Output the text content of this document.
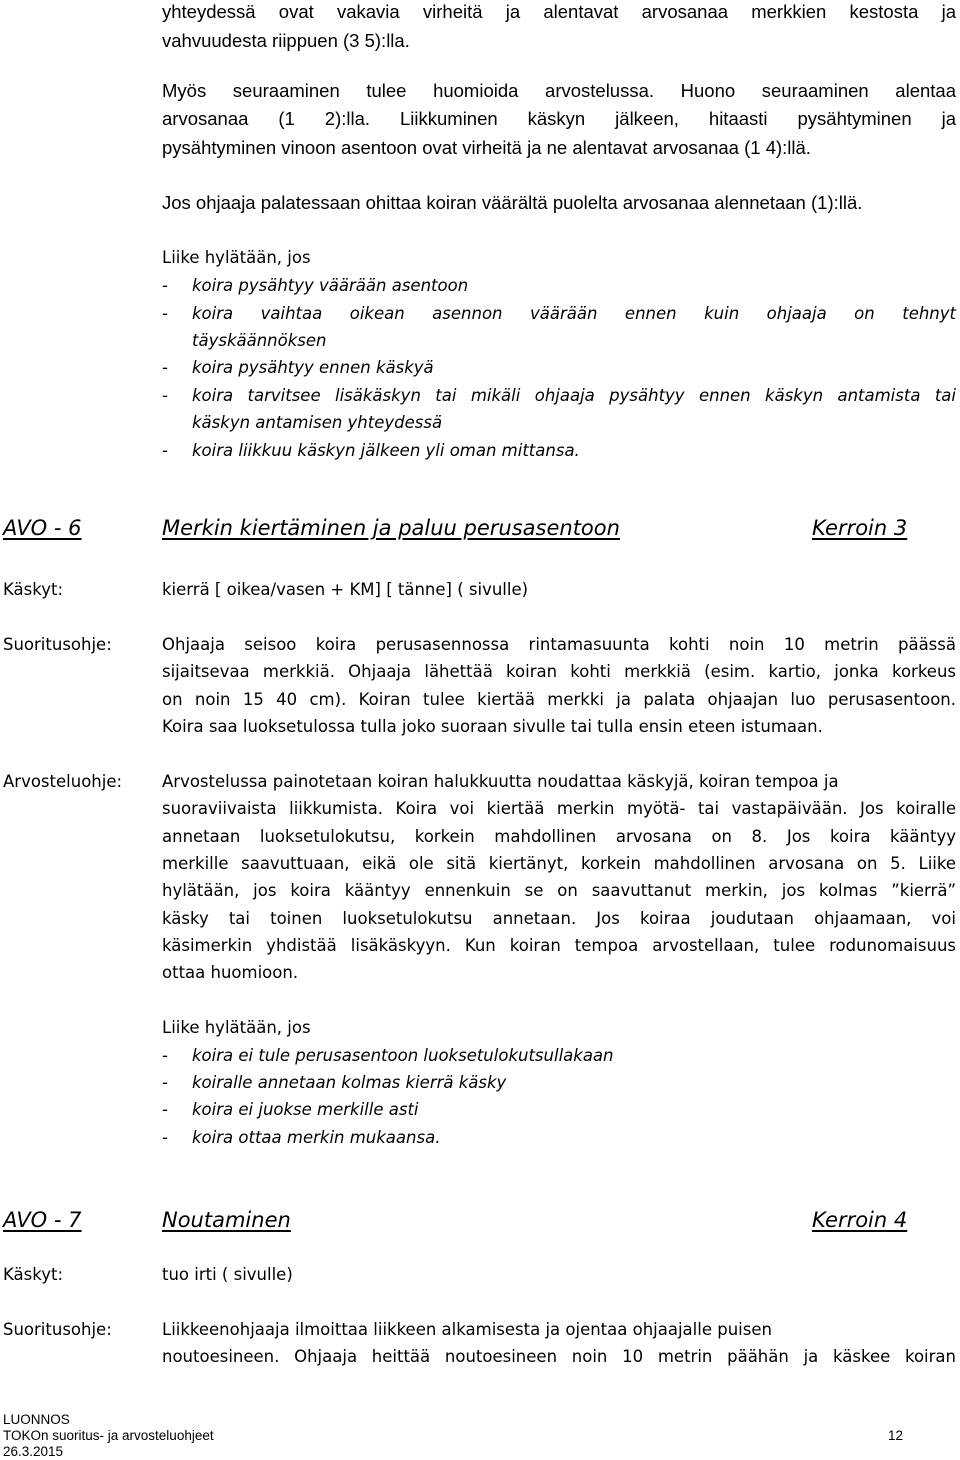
yhteydessä ovat vakavia virheitä ja alentavat arvosanaa merkkien kestosta ja
vahvuudesta riippuen (3 5):lla.
Myös seuraaminen tulee huomioida arvostelussa. Huono seuraaminen alentaa
arvosanaa (1 2):lla. Liikkuminen käskyn jälkeen, hitaasti pysähtyminen ja
pysähtyminen vinoon asentoon ovat virheitä ja ne alentavat arvosanaa (1 4):llä.
Jos ohjaaja palatessaan ohittaa koiran väärältä puolelta arvosanaa alennetaan (1):llä.
Liike hylätään, jos
- koira pysähtyy väärään asentoon
- koira vaihtaa oikean asennon väärään ennen kuin ohjaaja on tehnyt
täyskäännöksen
- koira pysähtyy ennen käskyä
- koira tarvitsee lisäkäskyn tai mikäli ohjaaja pysähtyy ennen käskyn antamista tai
käskyn antamisen yhteydessä
- koira liikkuu käskyn jälkeen yli oman mittansa.
AVO - 6	Merkin kiertäminen ja paluu perusasentoon	Kerroin 3
Käskyt:	kierrä [ oikea/vasen + KM] [ tänne] ( sivulle)
Suoritusohje:	Ohjaaja seisoo koira perusasennossa rintamasuunta kohti noin 10 metrin päässä
sijaitsevaa merkkiä. Ohjaaja lähettää koiran kohti merkkiä (esim. kartio, jonka korkeus
on noin 15 40 cm). Koiran tulee kiertää merkki ja palata ohjaajan luo perusasentoon.
Koira saa luoksetulossa tulla joko suoraan sivulle tai tulla ensin eteen istumaan.
Arvosteluohje: Arvostelussa painotetaan koiran halukkuutta noudattaa käskyjä, koiran tempoa ja
suoraviivaista liikkumista. Koira voi kiertää merkin myötä- tai vastapäivään. Jos koiralle
annetaan luoksetulokutsu, korkein mahdollinen arvosana on 8. Jos koira kääntyy
merkille saavuttuaan, eikä ole sitä kiertänyt, korkein mahdollinen arvosana on 5. Liike
hylätään, jos koira kääntyy ennenkuin se on saavuttanut merkin, jos kolmas ”kierrä”
käsky tai toinen luoksetulokutsu annetaan. Jos koiraa joudutaan ohjaamaan, voi
käsimerkin yhdistää lisäkäskyyn. Kun koiran tempoa arvostellaan, tulee rodunomaisuus
ottaa huomioon.
Liike hylätään, jos
- koira ei tule perusasentoon luoksetulokutsullakaan
- koiralle annetaan kolmas kierrä käsky
- koira ei juokse merkille asti
- koira ottaa merkin mukaansa.
AVO - 7	Noutaminen	Kerroin 4
Käskyt:	tuo irti ( sivulle)
Suoritusohje:	Liikkeenohjaaja ilmoittaa liikkeen alkamisesta ja ojentaa ohjaajalle puisen
noutoesineen. Ohjaaja heittää noutoesineen noin 10 metrin päähän ja käskee koiran
LUONNOS
TOKOn suoritus- ja arvosteluohjeet
26.3.2015
12
